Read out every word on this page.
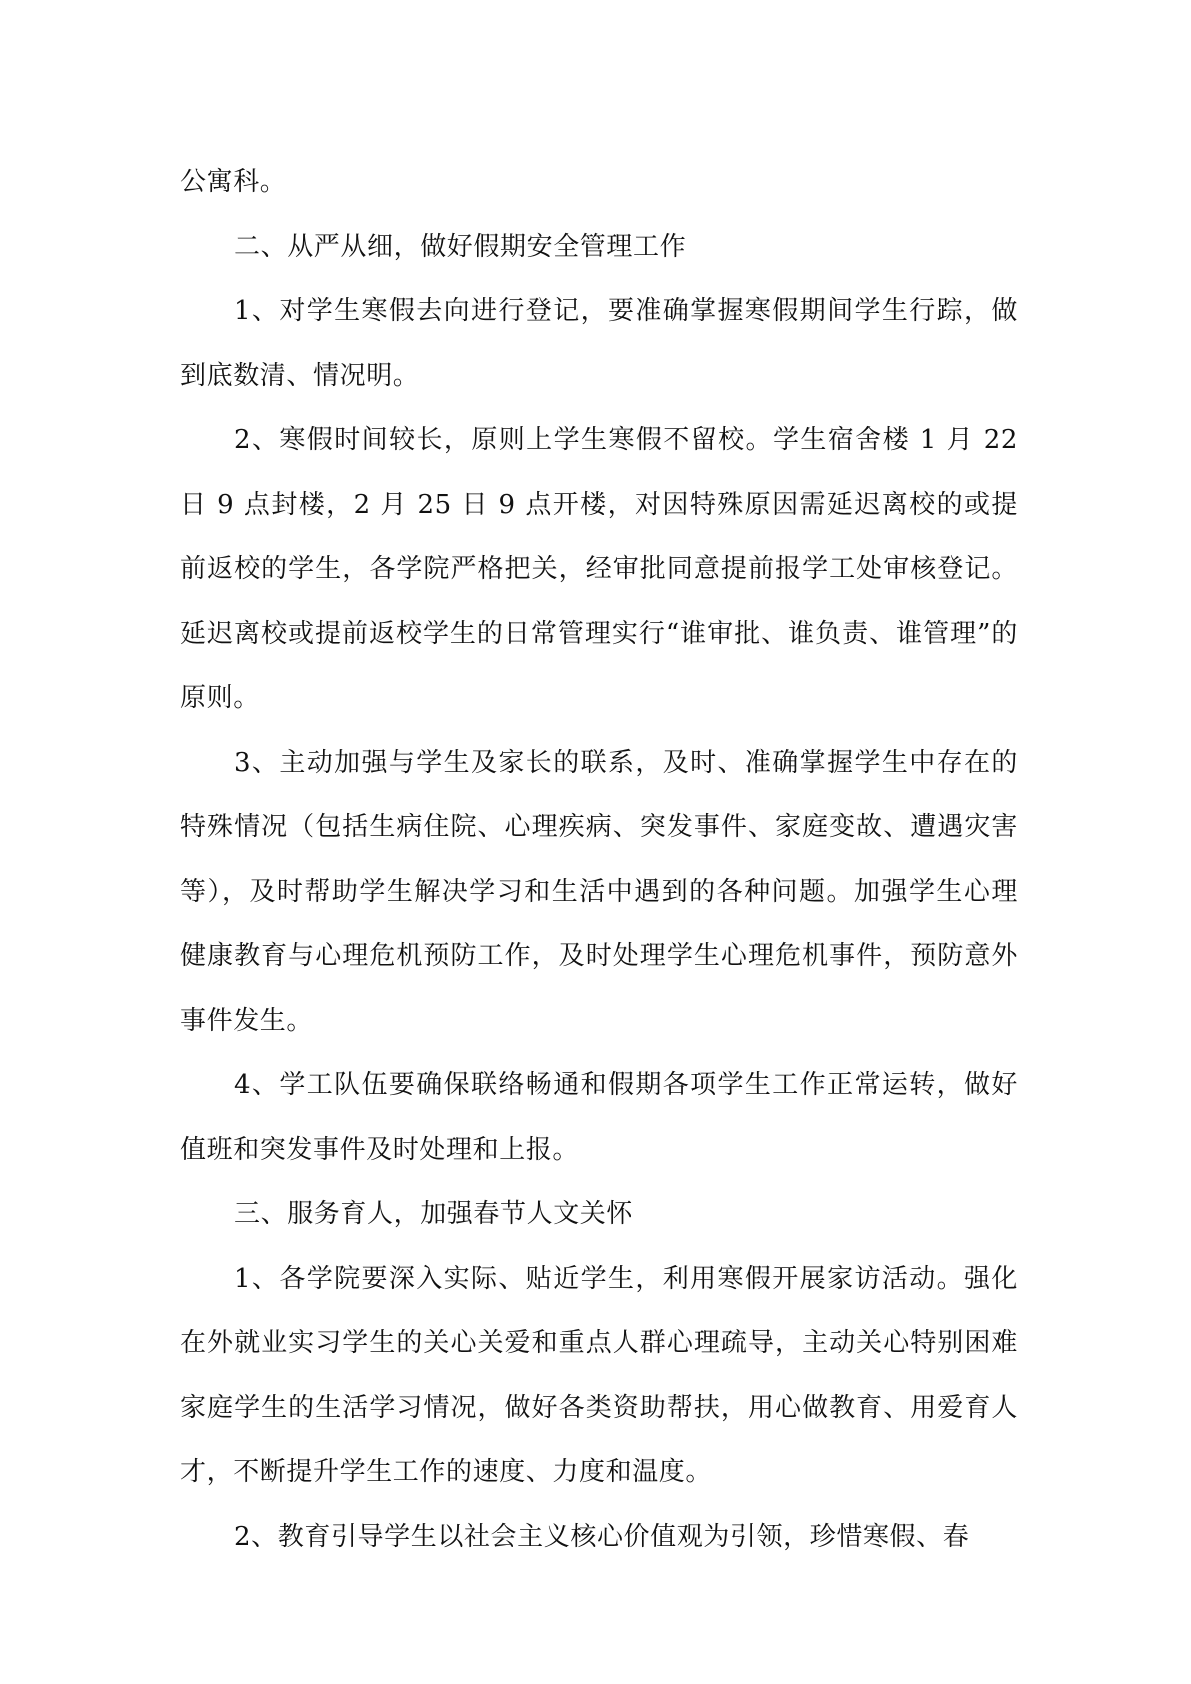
公寓科。

二、从严从细，做好假期安全管理工作

1、对学生寒假去向进行登记，要准确掌握寒假期间学生行踪，做到底数清、情况明。

2、寒假时间较长，原则上学生寒假不留校。学生宿舍楼 1 月 22 日 9 点封楼，2 月 25 日 9 点开楼，对因特殊原因需延迟离校的或提前返校的学生，各学院严格把关，经审批同意提前报学工处审核登记。延迟离校或提前返校学生的日常管理实行“谁审批、谁负责、谁管理”的原则。

3、主动加强与学生及家长的联系，及时、准确掌握学生中存在的特殊情况（包括生病住院、心理疾病、突发事件、家庭变故、遭遇灾害等），及时帮助学生解决学习和生活中遇到的各种问题。加强学生心理健康教育与心理危机预防工作，及时处理学生心理危机事件，预防意外事件发生。

4、学工队伍要确保联络畅通和假期各项学生工作正常运转，做好值班和突发事件及时处理和上报。

三、服务育人，加强春节人文关怀

1、各学院要深入实际、贴近学生，利用寒假开展家访活动。强化在外就业实习学生的关心关爱和重点人群心理疏导，主动关心特别困难家庭学生的生活学习情况，做好各类资助帮扶，用心做教育、用爱育人才，不断提升学生工作的速度、力度和温度。

2、教育引导学生以社会主义核心价值观为引领，珍惜寒假、春
